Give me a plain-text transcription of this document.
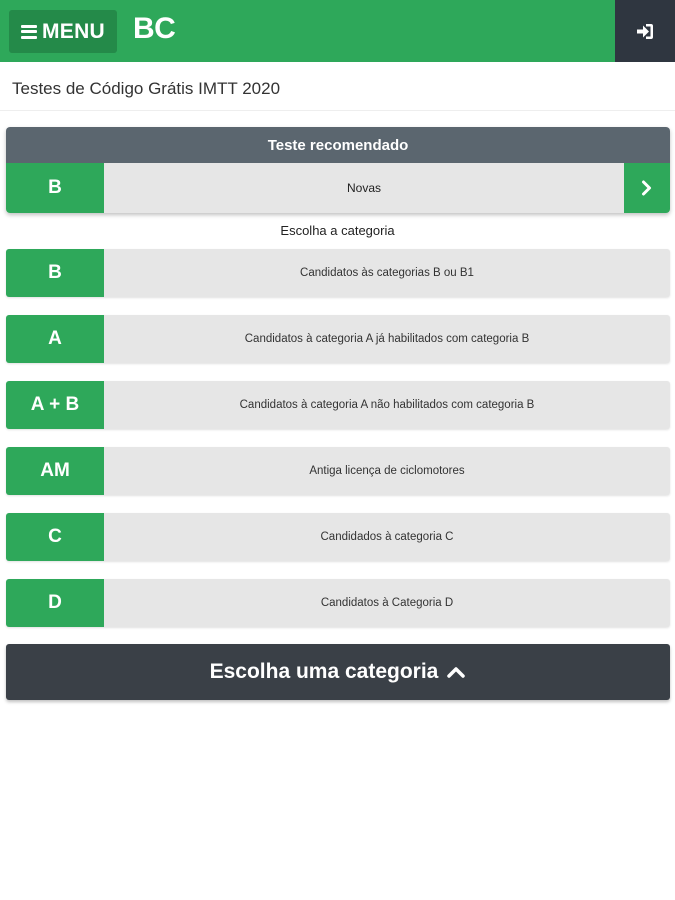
MENU BC
Testes de Código Grátis IMTT 2020
Teste recomendado
B	Novas
Escolha a categoria
B	Candidatos às categorias B ou B1
A	Candidatos à categoria A já habilitados com categoria B
A + B	Candidatos à categoria A não habilitados com categoria B
AM	Antiga licença de ciclomotores
C	Candidados à categoria C
D	Candidatos à Categoria D
Escolha uma categoria
